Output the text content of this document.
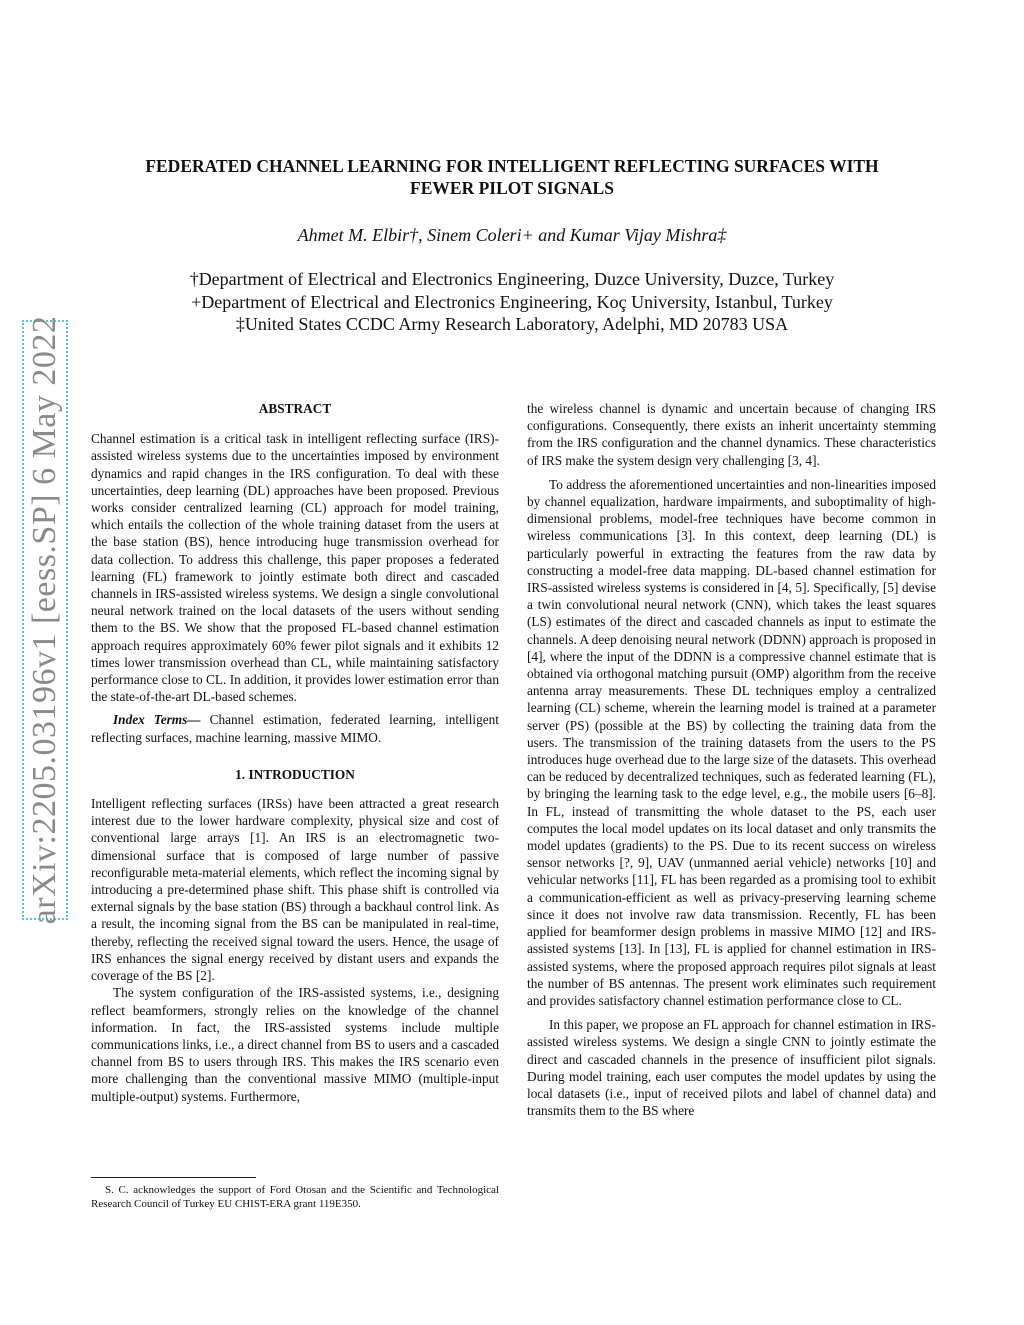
FEDERATED CHANNEL LEARNING FOR INTELLIGENT REFLECTING SURFACES WITH
FEWER PILOT SIGNALS
Ahmet M. Elbir†, Sinem Coleri+ and Kumar Vijay Mishra‡
†Department of Electrical and Electronics Engineering, Duzce University, Duzce, Turkey
+Department of Electrical and Electronics Engineering, Koç University, Istanbul, Turkey
‡United States CCDC Army Research Laboratory, Adelphi, MD 20783 USA
arXiv:2205.03196v1 [eess.SP] 6 May 2022	ABSTRACT

Channel estimation is a critical task in intelligent reflecting surface (IRS)-assisted wireless systems due to the uncertainties imposed by environment dynamics and rapid changes in the IRS configuration. To deal with these uncertainties, deep learning (DL) approaches have been proposed. Previous works consider centralized learning (CL) approach for model training, which entails the collection of the whole training dataset from the users at the base station (BS), hence introducing huge transmission overhead for data collection. To address this challenge, this paper proposes a federated learning (FL) framework to jointly estimate both direct and cascaded channels in IRS-assisted wireless systems. We design a single convolutional neural network trained on the local datasets of the users without sending them to the BS. We show that the proposed FL-based channel estimation approach requires approximately 60% fewer pilot signals and it exhibits 12 times lower transmission overhead than CL, while maintaining satisfactory performance close to CL. In addition, it provides lower estimation error than the state-of-the-art DL-based schemes.

Index Terms— Channel estimation, federated learning, intelligent reflecting surfaces, machine learning, massive MIMO.

1. INTRODUCTION

Intelligent reflecting surfaces (IRSs) have been attracted a great research interest due to the lower hardware complexity, physical size and cost of conventional large arrays [1]. An IRS is an electromagnetic two-dimensional surface that is composed of large number of passive reconfigurable meta-material elements, which reflect the incoming signal by introducing a pre-determined phase shift. This phase shift is controlled via external signals by the base station (BS) through a backhaul control link. As a result, the incoming signal from the BS can be manipulated in real-time, thereby, reflecting the received signal toward the users. Hence, the usage of IRS enhances the signal energy received by distant users and expands the coverage of the BS [2].

The system configuration of the IRS-assisted systems, i.e., designing reflect beamformers, strongly relies on the knowledge of the channel information. In fact, the IRS-assisted systems include multiple communications links, i.e., a direct channel from BS to users and a cascaded channel from BS to users through IRS. This makes the IRS scenario even more challenging than the conventional massive MIMO (multiple-input multiple-output) systems. Furthermore,

S. C. acknowledges the support of Ford Otosan and the Scientific and Technological Research Council of Turkey EU CHIST-ERA grant 119E350.

the wireless channel is dynamic and uncertain because of changing IRS configurations. Consequently, there exists an inherit uncertainty stemming from the IRS configuration and the channel dynamics. These characteristics of IRS make the system design very challenging [3, 4].

To address the aforementioned uncertainties and non-linearities imposed by channel equalization, hardware impairments, and suboptimality of high-dimensional problems, model-free techniques have become common in wireless communications [3]. In this context, deep learning (DL) is particularly powerful in extracting the features from the raw data by constructing a model-free data mapping. DL-based channel estimation for IRS-assisted wireless systems is considered in [4, 5]. Specifically, [5] devise a twin convolutional neural network (CNN), which takes the least squares (LS) estimates of the direct and cascaded channels as input to estimate the channels. A deep denoising neural network (DDNN) approach is proposed in [4], where the input of the DDNN is a compressive channel estimate that is obtained via orthogonal matching pursuit (OMP) algorithm from the receive antenna array measurements. These DL techniques employ a centralized learning (CL) scheme, wherein the learning model is trained at a parameter server (PS) (possible at the BS) by collecting the training data from the users. The transmission of the training datasets from the users to the PS introduces huge overhead due to the large size of the datasets. This overhead can be reduced by decentralized techniques, such as federated learning (FL), by bringing the learning task to the edge level, e.g., the mobile users [6–8]. In FL, instead of transmitting the whole dataset to the PS, each user computes the local model updates on its local dataset and only transmits the model updates (gradients) to the PS. Due to its recent success on wireless sensor networks [?, 9], UAV (unmanned aerial vehicle) networks [10] and vehicular networks [11], FL has been regarded as a promising tool to exhibit a communication-efficient as well as privacy-preserving learning scheme since it does not involve raw data transmission. Recently, FL has been applied for beamformer design problems in massive MIMO [12] and IRS-assisted systems [13]. In [13], FL is applied for channel estimation in IRS-assisted systems, where the proposed approach requires pilot signals at least the number of BS antennas. The present work eliminates such requirement and provides satisfactory channel estimation performance close to CL.

In this paper, we propose an FL approach for channel estimation in IRS-assisted wireless systems. We design a single CNN to jointly estimate the direct and cascaded channels in the presence of insufficient pilot signals. During model training, each user computes the model updates by using the local datasets (i.e., input of received pilots and label of channel data) and transmits them to the BS where
